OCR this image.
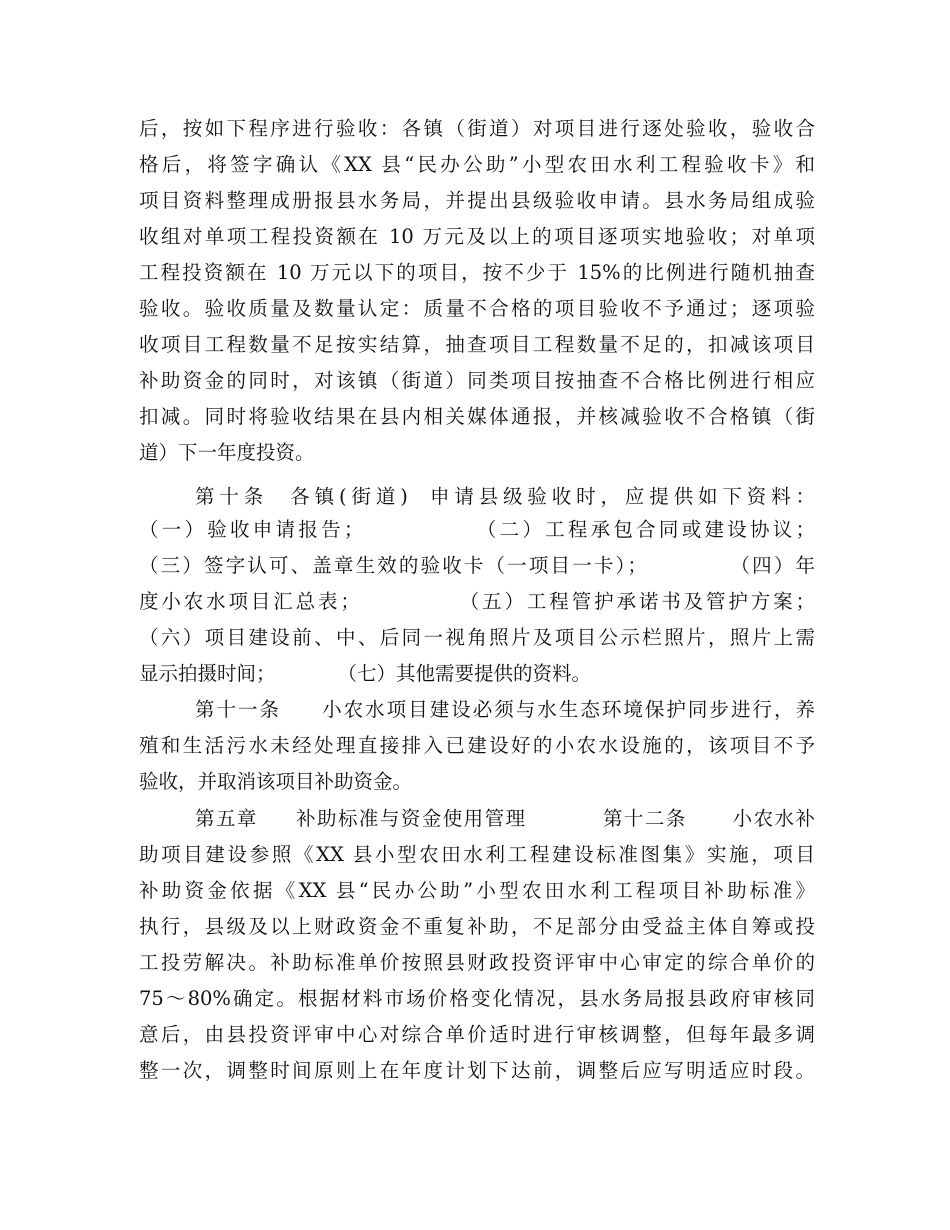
后，按如下程序进行验收：各镇（街道）对项目进行逐处验收，验收合

格后，将签字确认《XX 县“民办公助”小型农田水利工程验收卡》和

项目资料整理成册报县水务局，并提出县级验收申请。县水务局组成验

收组对单项工程投资额在 10 万元及以上的项目逐项实地验收；对单项

工程投资额在 10 万元以下的项目，按不少于 15%的比例进行随机抽查

验收。验收质量及数量认定：质量不合格的项目验收不予通过；逐项验

收项目工程数量不足按实结算，抽查项目工程数量不足的，扣减该项目

补助资金的同时，对该镇（街道）同类项目按抽查不合格比例进行相应

扣减。同时将验收结果在县内相关媒体通报，并核减验收不合格镇（街

道）下一年度投资。

第十条  各镇(街道)  申请县级验收时，应提供如下资料：

（一）验收申请报告；            （二）工程承包合同或建设协议；

（三）签字认可、盖章生效的验收卡（一项目一卡）；          （四）年

度小农水项目汇总表；           （五）工程管护承诺书及管护方案；

（六）项目建设前、中、后同一视角照片及项目公示栏照片，照片上需

显示拍摄时间；          （七）其他需要提供的资料。

第十一条     小农水项目建设必须与水生态环境保护同步进行，养

殖和生活污水未经处理直接排入已建设好的小农水设施的，该项目不予

验收，并取消该项目补助资金。

第五章     补助标准与资金使用管理          第十二条      小农水补

助项目建设参照《XX 县小型农田水利工程建设标准图集》实施，项目

补助资金依据《XX 县“民办公助”小型农田水利工程项目补助标准》

执行，县级及以上财政资金不重复补助，不足部分由受益主体自筹或投

工投劳解决。补助标准单价按照县财政投资评审中心审定的综合单价的

75～80%确定。根据材料市场价格变化情况，县水务局报县政府审核同

意后，由县投资评审中心对综合单价适时进行审核调整，但每年最多调

整一次，调整时间原则上在年度计划下达前，调整后应写明适应时段。
